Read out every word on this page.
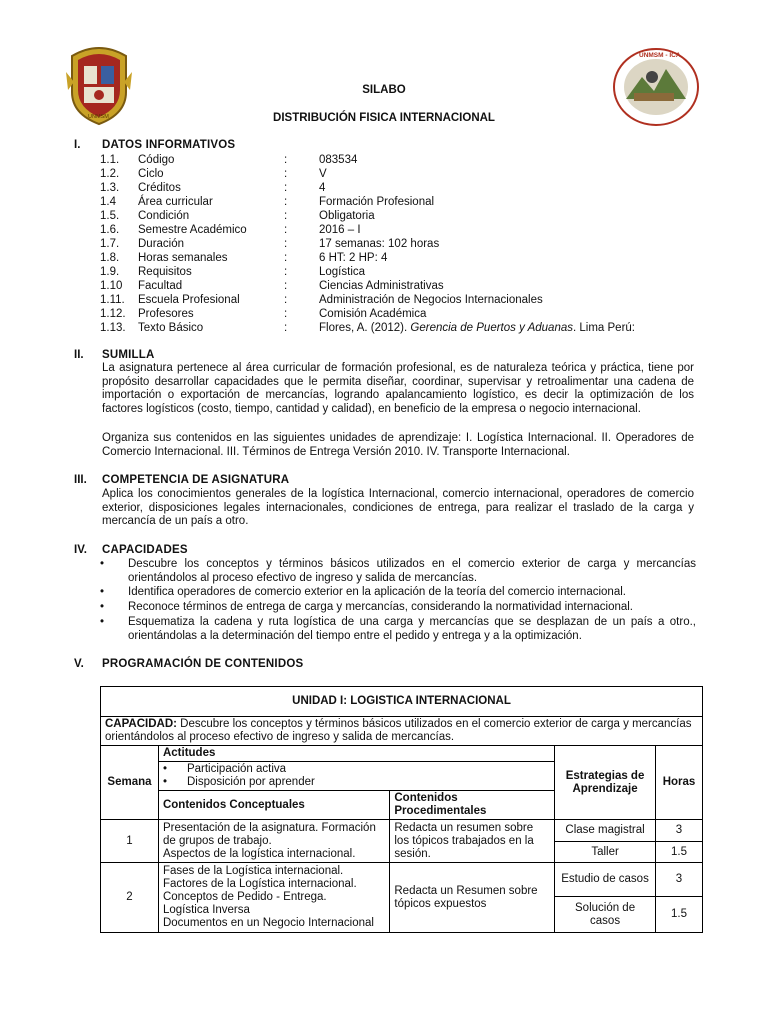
UNMSM - ICA
UNMSM
SILABO
DISTRIBUCIÓN FISICA INTERNACIONAL
I. DATOS INFORMATIVOS
1.1. Código	:	083534
1.2. Ciclo	:	V
1.3. Créditos	:	4
1.4 Área curricular	:	Formación Profesional
1.5. Condición	:	Obligatoria
1.6. Semestre Académico	:	2016 – I
1.7. Duración	:	17 semanas: 102 horas
1.8. Horas semanales	:	6 HT: 2 HP: 4
1.9. Requisitos	:	Logística
1.10 Facultad	:	Ciencias Administrativas
1.11. Escuela Profesional	:	Administración de Negocios Internacionales
1.12. Profesores	:	Comisión Académica
1.13. Texto Básico	:	Flores, A. (2012). Gerencia de Puertos y Aduanas. Lima Perú:
II. SUMILLA
La asignatura pertenece al área curricular de formación profesional, es de naturaleza teórica y práctica, tiene por propósito desarrollar capacidades que le permita diseñar, coordinar, supervisar y retroalimentar una cadena de importación o exportación de mercancías, logrando apalancamiento logístico, es decir la optimización de los factores logísticos (costo, tiempo, cantidad y calidad), en beneficio de la empresa o negocio internacional.
Organiza sus contenidos en las siguientes unidades de aprendizaje: I. Logística Internacional. II. Operadores de Comercio Internacional. III. Términos de Entrega Versión 2010. IV. Transporte Internacional.
III. COMPETENCIA DE ASIGNATURA
Aplica los conocimientos generales de la logística Internacional, comercio internacional, operadores de comercio exterior, disposiciones legales internacionales, condiciones de entrega, para realizar el traslado de la carga y mercancía de un país a otro.
IV. CAPACIDADES
• Descubre los conceptos y términos básicos utilizados en el comercio exterior de carga y mercancías orientándolos al proceso efectivo de ingreso y salida de mercancías.
• Identifica operadores de comercio exterior en la aplicación de la teoría del comercio internacional.
• Reconoce términos de entrega de carga y mercancías, considerando la normatividad internacional.
• Esquematiza la cadena y ruta logística de una carga y mercancías que se desplazan de un país a otro., orientándolas a la determinación del tiempo entre el pedido y entrega y a la optimización.
V. PROGRAMACIÓN DE CONTENIDOS
UNIDAD I: LOGISTICA INTERNACIONAL				
CAPACIDAD: Descubre los conceptos y términos básicos utilizados en el comercio exterior de carga y mercancías orientándolos al proceso efectivo de ingreso y salida de mercancías.				
Semana	Actitudes		Estrategias de Aprendizaje	Horas

	• Participación activa
• Disposición por aprender			

	Contenidos Conceptuales	Contenidos Procedimentales		
1	Presentación de la asignatura. Formación de grupos de trabajo.
Aspectos de la logística internacional.	Redacta un resumen sobre los tópicos trabajados en la sesión.	Clase magistral	3
			Taller	1.5
2	Fases de la Logística internacional.
Factores de la Logística internacional.
Conceptos de Pedido - Entrega.
Logística Inversa
Documentos en un Negocio Internacional	Redacta un Resumen sobre tópicos expuestos	Estudio de casos	3
			Solución de casos	1.5
